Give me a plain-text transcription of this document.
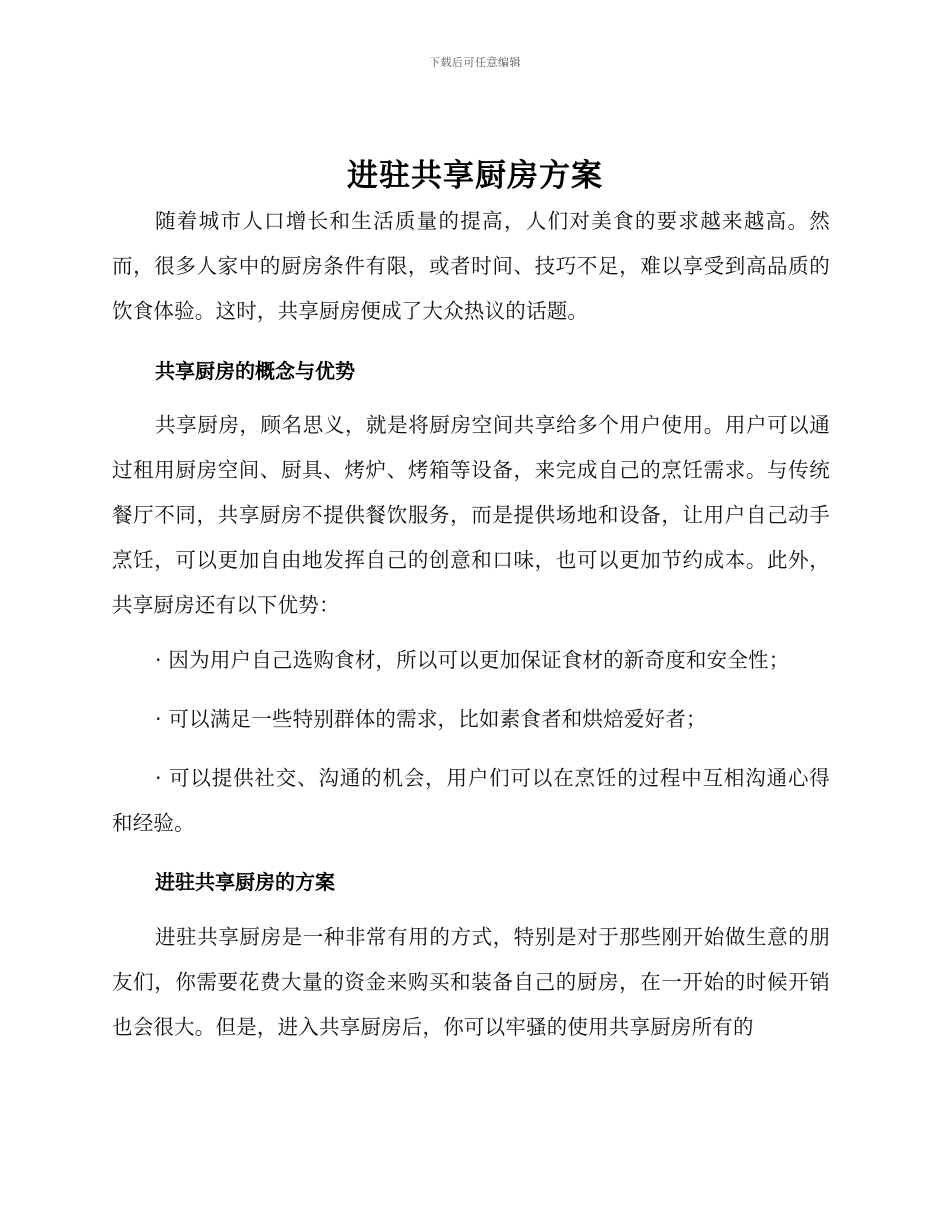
下载后可任意编辑
进驻共享厨房方案

随着城市人口增长和生活质量的提高，人们对美食的要求越来越高。然而，很多人家中的厨房条件有限，或者时间、技巧不足，难以享受到高品质的饮食体验。这时，共享厨房便成了大众热议的话题。

共享厨房的概念与优势

共享厨房，顾名思义，就是将厨房空间共享给多个用户使用。用户可以通过租用厨房空间、厨具、烤炉、烤箱等设备，来完成自己的烹饪需求。与传统餐厅不同，共享厨房不提供餐饮服务，而是提供场地和设备，让用户自己动手烹饪，可以更加自由地发挥自己的创意和口味，也可以更加节约成本。此外，共享厨房还有以下优势：

· 因为用户自己选购食材，所以可以更加保证食材的新奇度和安全性；

· 可以满足一些特别群体的需求，比如素食者和烘焙爱好者；

· 可以提供社交、沟通的机会，用户们可以在烹饪的过程中互相沟通心得和经验。

进驻共享厨房的方案

进驻共享厨房是一种非常有用的方式，特别是对于那些刚开始做生意的朋友们，你需要花费大量的资金来购买和装备自己的厨房，在一开始的时候开销也会很大。但是，进入共享厨房后，你可以牢骚的使用共享厨房所有的
